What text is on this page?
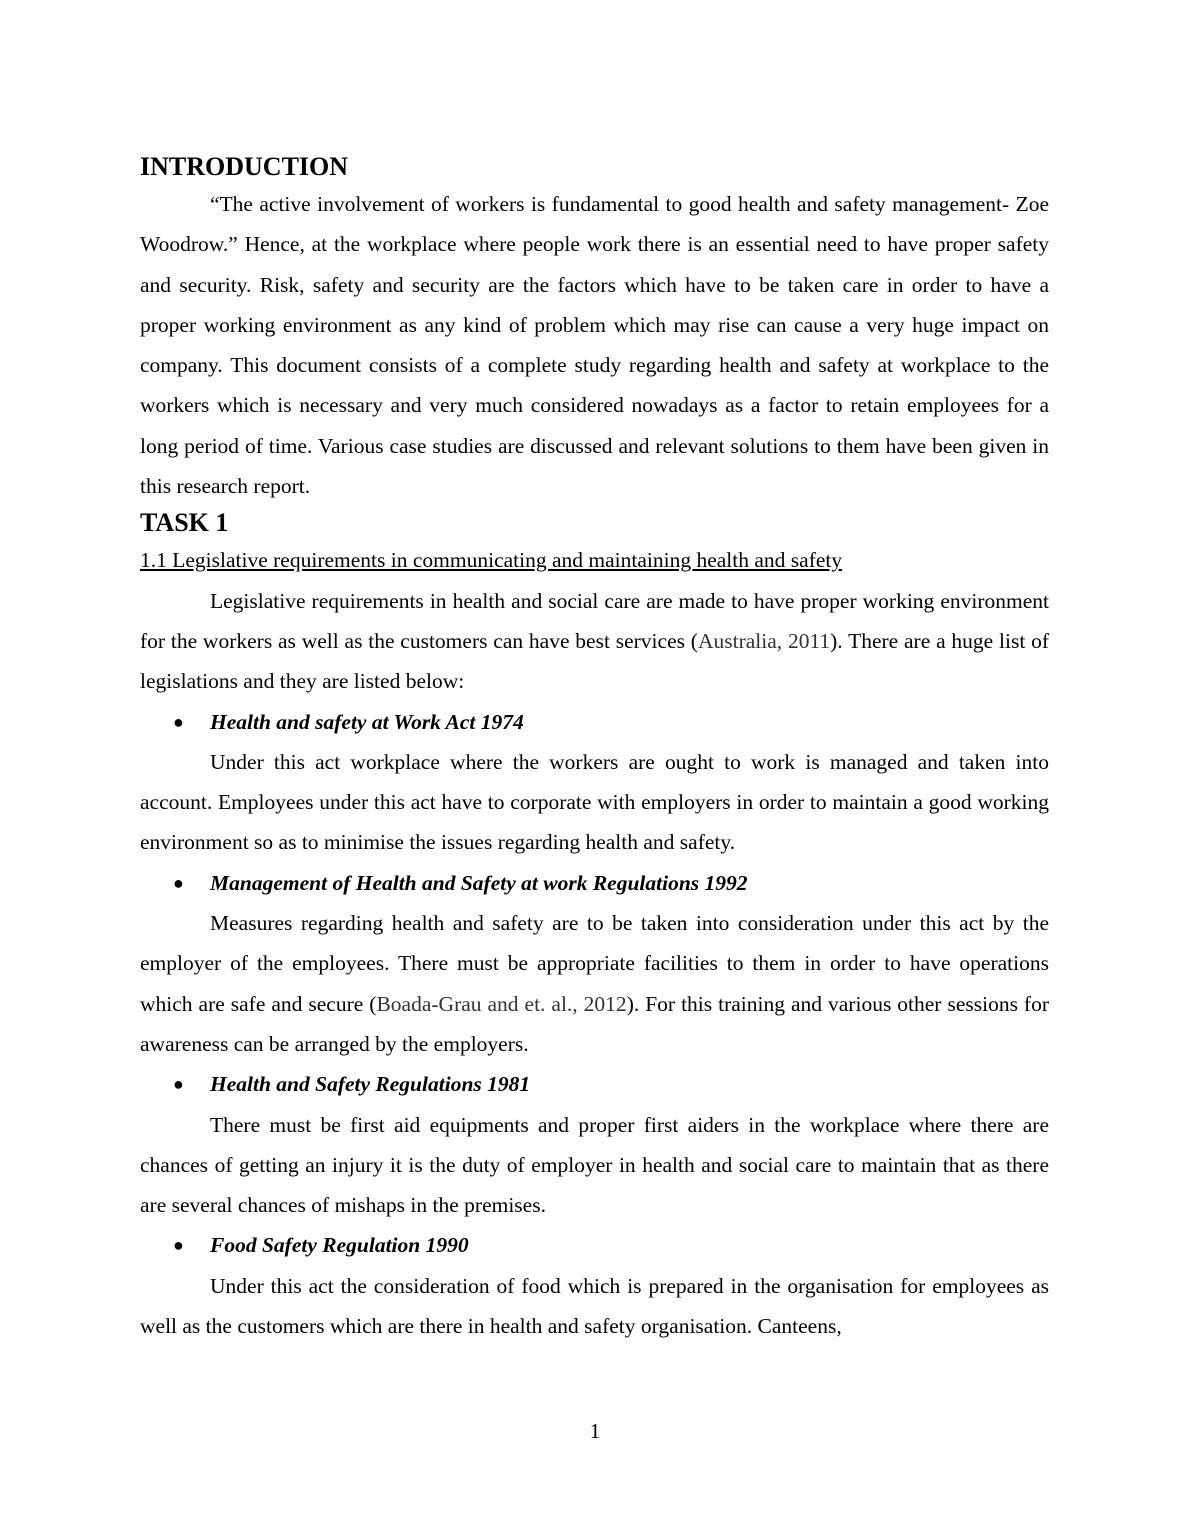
INTRODUCTION

“The active involvement of workers is fundamental to good health and safety management- Zoe Woodrow.” Hence, at the workplace where people work there is an essential need to have proper safety and security. Risk, safety and security are the factors which have to be taken care in order to have a proper working environment as any kind of problem which may rise can cause a very huge impact on company. This document consists of a complete study regarding health and safety at workplace to the workers which is necessary and very much considered nowadays as a factor to retain employees for a long period of time. Various case studies are discussed and relevant solutions to them have been given in this research report.

TASK 1

1.1 Legislative requirements in communicating and maintaining health and safety

Legislative requirements in health and social care are made to have proper working environment for the workers as well as the customers can have best services (Australia, 2011). There are a huge list of legislations and they are listed below:

● Health and safety at Work Act 1974

Under this act workplace where the workers are ought to work is managed and taken into account. Employees under this act have to corporate with employers in order to maintain a good working environment so as to minimise the issues regarding health and safety.

● Management of Health and Safety at work Regulations 1992

Measures regarding health and safety are to be taken into consideration under this act by the employer of the employees. There must be appropriate facilities to them in order to have operations which are safe and secure (Boada-Grau and et. al., 2012). For this training and various other sessions for awareness can be arranged by the employers.

● Health and Safety Regulations 1981

There must be first aid equipments and proper first aiders in the workplace where there are chances of getting an injury it is the duty of employer in health and social care to maintain that as there are several chances of mishaps in the premises.

● Food Safety Regulation 1990

Under this act the consideration of food which is prepared in the organisation for employees as well as the customers which are there in health and safety organisation. Canteens,

1
